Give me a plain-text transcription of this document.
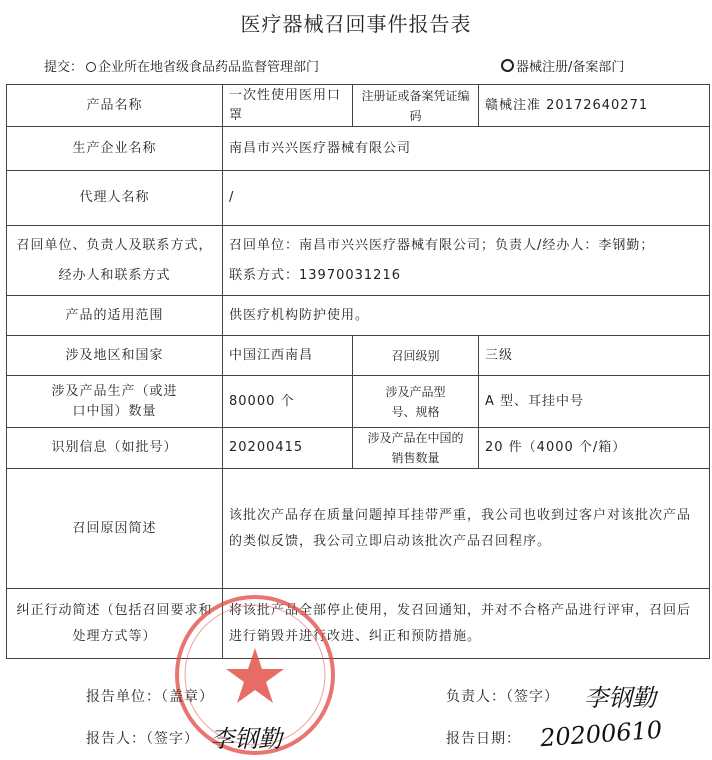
医疗器械召回事件报告表
提交： 企业所在地省级食品药品监督管理部门	器械注册/备案部门
产品名称	一次性使用医用口罩	注册证或备案凭证编码	赣械注准 20172640271
生产企业名称	南昌市兴兴医疗器械有限公司		
代理人名称	/		
召回单位、负责人及联系方式，经办人和联系方式	召回单位：南昌市兴兴医疗器械有限公司；负责人/经办人：李钢勤；
联系方式：13970031216		

产品的适用范围	供医疗机构防护使用。		
涉及地区和国家	中国江西南昌	召回级别	三级
涉及产品生产（或进口中国）数量	80000 个	涉及产品型号、规格	A 型、耳挂中号
识别信息（如批号）	20200415	涉及产品在中国的销售数量	20 件（4000 个/箱）
召回原因简述	该批次产品存在质量问题掉耳挂带严重，我公司也收到过客户对该批次产品的类似反馈，我公司立即启动该批次产品召回程序。		
纠正行动简述（包括召回要求和处理方式等）	将该批产品全部停止使用，发召回通知，并对不合格产品进行评审，召回后进行销毁并进行改进、纠正和预防措施。		
报告单位：（盖章）	负责人：（签字） 李钢勤
报告人：（签字） 李钢勤	报告日期： 20200610
